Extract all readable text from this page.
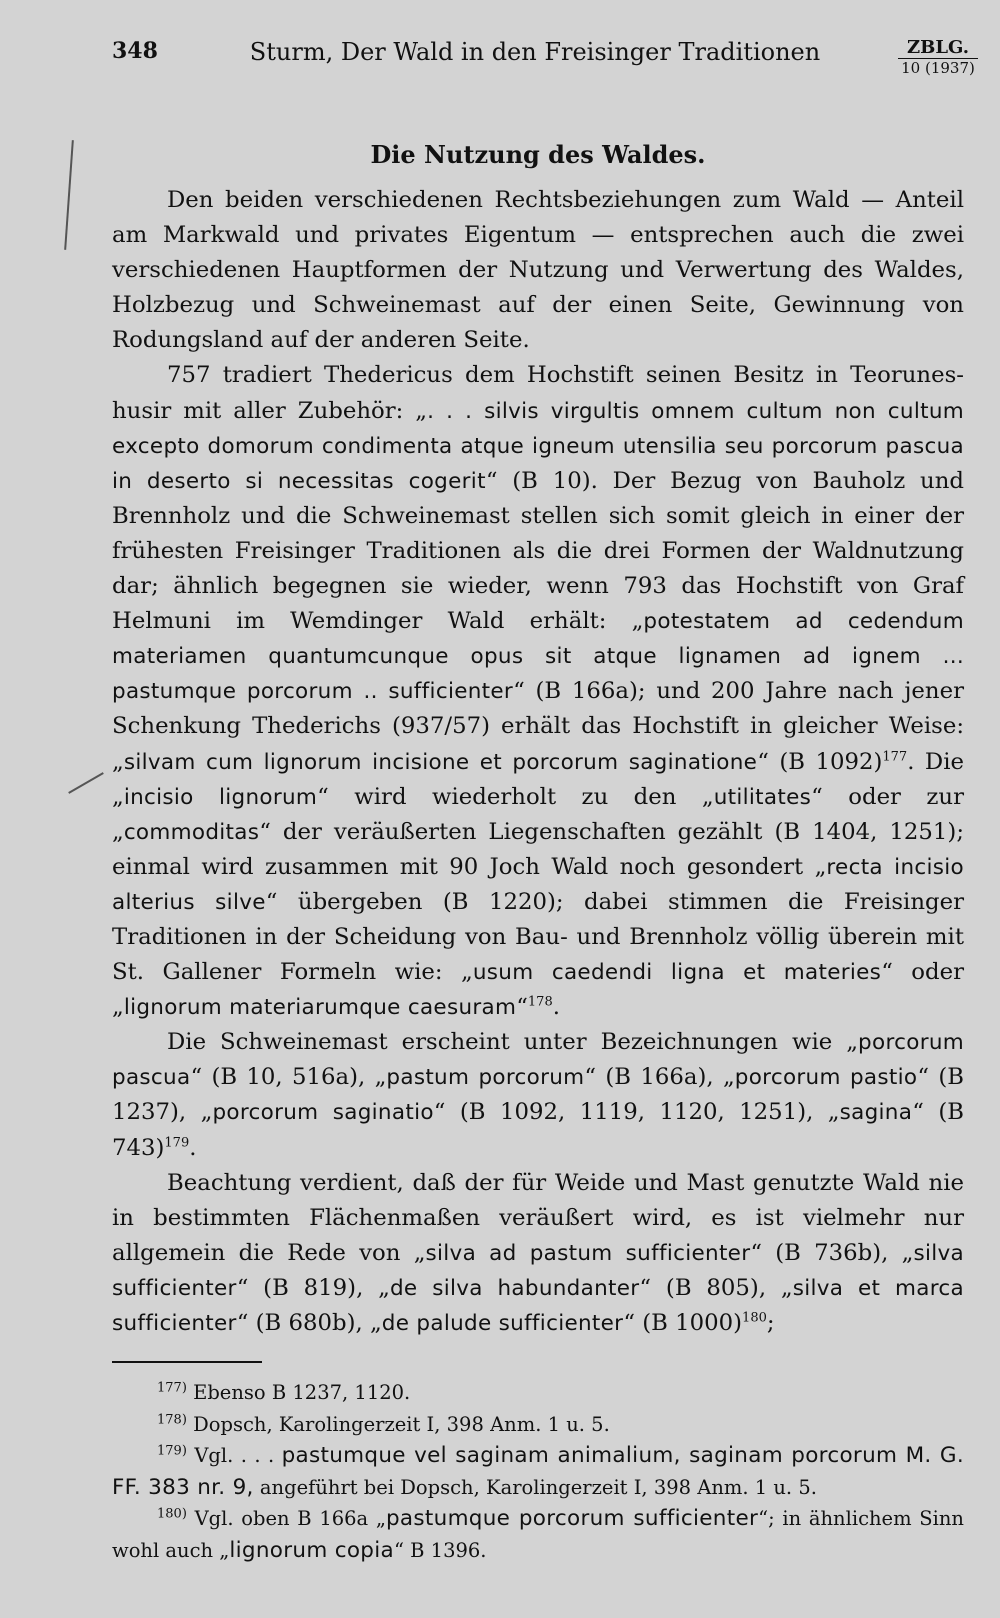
348	Sturm, Der Wald in den Freisinger Traditionen	ZBLG.
10 (1937)
Die Nutzung des Waldes.

Den beiden verschiedenen Rechtsbeziehungen zum Wald — Anteil am Markwald und privates Eigentum — entsprechen auch die zwei verschiedenen Hauptformen der Nutzung und Verwertung des Waldes, Holzbezug und Schweinemast auf der einen Seite, Gewinnung von Rodungsland auf der anderen Seite.

757 tradiert Thedericus dem Hochstift seinen Besitz in Teoruneshusir mit aller Zubehör: „. . . silvis virgultis omnem cultum non cultum excepto domorum condimenta atque igneum utensilia seu porcorum pascua in deserto si necessitas cogerit“ (B 10). Der Bezug von Bauholz und Brennholz und die Schweinemast stellen sich somit gleich in einer der frühesten Freisinger Traditionen als die drei Formen der Waldnutzung dar; ähnlich begegnen sie wieder, wenn 793 das Hochstift von Graf Helmuni im Wemdinger Wald erhält: „potestatem ad cedendum materiamen quantumcunque opus sit atque lignamen ad ignem ... pastumque porcorum .. sufficienter“ (B 166a); und 200 Jahre nach jener Schenkung Thederichs (937/57) erhält das Hochstift in gleicher Weise: „silvam cum lignorum incisione et porcorum saginatione“ (B 1092)$^{177}$. Die „incisio lignorum“ wird wiederholt zu den „utilitates“ oder zur „commoditas“ der veräußerten Liegenschaften gezählt (B 1404, 1251); einmal wird zusammen mit 90 Joch Wald noch gesondert „recta incisio alterius silve“ übergeben (B 1220); dabei stimmen die Freisinger Traditionen in der Scheidung von Bau- und Brennholz völlig überein mit St. Gallener Formeln wie: „usum caedendi ligna et materies“ oder „lignorum materiarumque caesuram“$^{178}$.

Die Schweinemast erscheint unter Bezeichnungen wie „porcorum pascua“ (B 10, 516a), „pastum porcorum“ (B 166a), „porcorum pastio“ (B 1237), „porcorum saginatio“ (B 1092, 1119, 1120, 1251), „sagina“ (B 743)$^{179}$.

Beachtung verdient, daß der für Weide und Mast genutzte Wald nie in bestimmten Flächenmaßen veräußert wird, es ist vielmehr nur allgemein die Rede von „silva ad pastum sufficienter“ (B 736b), „silva sufficienter“ (B 819), „de silva habundanter“ (B 805), „silva et marca sufficienter“ (B 680b), „de palude sufficienter“ (B 1000)$^{180}$;

$^{177)}$ Ebenso B 1237, 1120.

$^{178)}$ Dopsch, Karolingerzeit I, 398 Anm. 1 u. 5.

$^{179)}$ Vgl. . . . pastumque vel saginam animalium, saginam porcorum M. G. FF. 383 nr. 9, angeführt bei Dopsch, Karolingerzeit I, 398 Anm. 1 u. 5.

$^{180)}$ Vgl. oben B 166a „pastumque porcorum sufficienter“; in ähnlichem Sinn wohl auch „lignorum copia“ B 1396.
